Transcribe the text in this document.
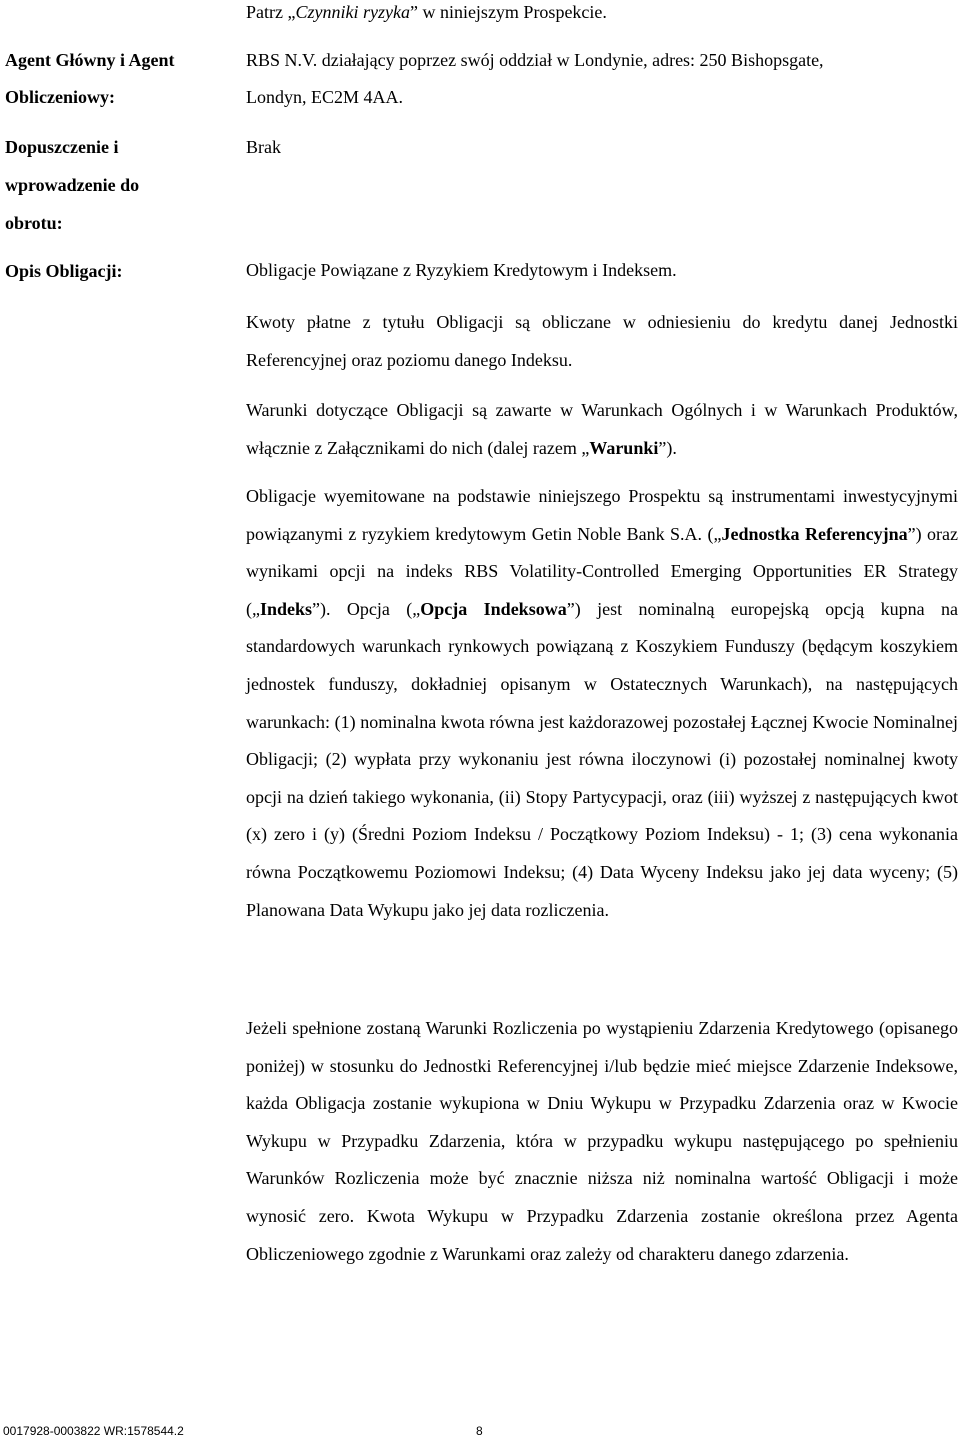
Patrz „Czynniki ryzyka” w niniejszym Prospekcie.
Agent Główny i Agent
Obliczeniowy:
RBS N.V. działający poprzez swój oddział w Londynie, adres: 250 Bishopsgate,
Londyn, EC2M 4AA.
Dopuszczenie i
wprowadzenie do
obrotu:
Brak
Opis Obligacji:	Obligacje Powiązane z Ryzykiem Kredytowym i Indeksem.

Kwoty płatne z tytułu Obligacji są obliczane w odniesieniu do kredytu danej Jednostki Referencyjnej oraz poziomu danego Indeksu.

Warunki dotyczące Obligacji są zawarte w Warunkach Ogólnych i w Warunkach Produktów, włącznie z Załącznikami do nich (dalej razem „Warunki”).

Obligacje wyemitowane na podstawie niniejszego Prospektu są instrumentami inwestycyjnymi powiązanymi z ryzykiem kredytowym Getin Noble Bank S.A. („Jednostka Referencyjna”) oraz wynikami opcji na indeks RBS Volatility-Controlled Emerging Opportunities ER Strategy („Indeks”). Opcja („Opcja Indeksowa”) jest nominalną europejską opcją kupna na standardowych warunkach rynkowych powiązaną z Koszykiem Funduszy (będącym koszykiem jednostek funduszy, dokładniej opisanym w Ostatecznych Warunkach), na następujących warunkach: (1) nominalna kwota równa jest każdorazowej pozostałej Łącznej Kwocie Nominalnej Obligacji; (2) wypłata przy wykonaniu jest równa iloczynowi (i) pozostałej nominalnej kwoty opcji na dzień takiego wykonania, (ii) Stopy Partycypacji, oraz (iii) wyższej z następujących kwot (x) zero i (y) (Średni Poziom Indeksu / Początkowy Poziom Indeksu) - 1; (3) cena wykonania równa Początkowemu Poziomowi Indeksu; (4) Data Wyceny Indeksu jako jej data wyceny; (5) Planowana Data Wykupu jako jej data rozliczenia.

Jeżeli spełnione zostaną Warunki Rozliczenia po wystąpieniu Zdarzenia Kredytowego (opisanego poniżej) w stosunku do Jednostki Referencyjnej i/lub będzie mieć miejsce Zdarzenie Indeksowe, każda Obligacja zostanie wykupiona w Dniu Wykupu w Przypadku Zdarzenia oraz w Kwocie Wykupu w Przypadku Zdarzenia, która w przypadku wykupu następującego po spełnieniu Warunków Rozliczenia może być znacznie niższa niż nominalna wartość Obligacji i może wynosić zero. Kwota Wykupu w Przypadku Zdarzenia zostanie określona przez Agenta Obliczeniowego zgodnie z Warunkami oraz zależy od charakteru danego zdarzenia.

0017928-0003822 WR:1578544.2	8
